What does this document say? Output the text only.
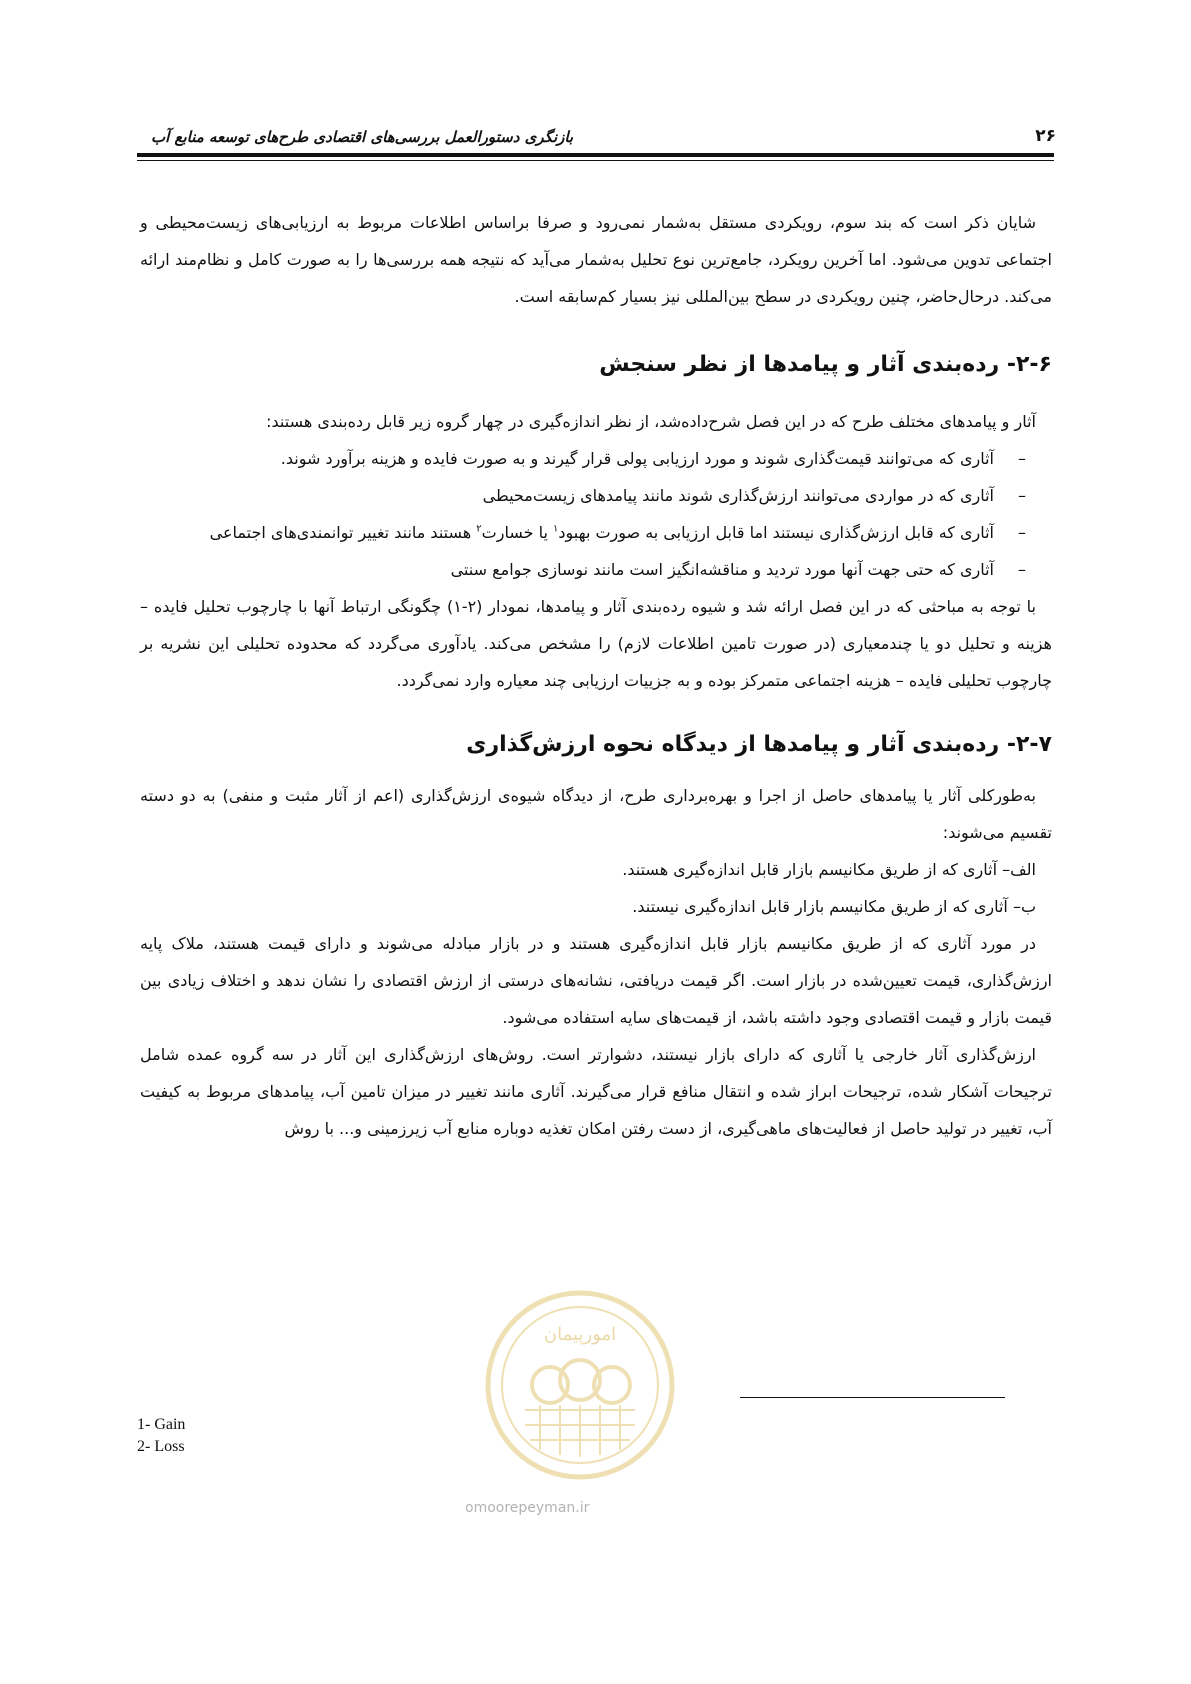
بازنگری دستورالعمل بررسی‌های اقتصادی طرح‌های توسعه منابع آب	۲۶

شایان ذکر است که بند سوم، رویکردی مستقل به‌شمار نمی‌رود و صرفا براساس اطلاعات مربوط به ارزیابی‌های زیست‌محیطی و اجتماعی تدوین می‌شود. اما آخرین رویکرد، جامع‌ترین نوع تحلیل به‌شمار می‌آید که نتیجه همه بررسی‌ها را به صورت کامل و نظام‌مند ارائه می‌کند. درحال‌حاضر، چنین رویکردی در سطح بین‌المللی نیز بسیار کم‌سابقه است.

۲-۶- رده‌بندی آثار و پیامدها از نظر سنجش

آثار و پیامدهای مختلف طرح که در این فصل شرح‌داده‌شد، از نظر اندازه‌گیری در چهار گروه زیر قابل رده‌بندی هستند:

–
آثاری که می‌توانند قیمت‌گذاری شوند و مورد ارزیابی پولی قرار گیرند و به صورت فایده و هزینه برآورد شوند.
–
آثاری که در مواردی می‌توانند ارزش‌گذاری شوند مانند پیامدهای زیست‌محیطی
–
آثاری که قابل ارزش‌گذاری نیستند اما قابل ارزیابی به صورت بهبود$^۱$ یا خسارت$^۲$ هستند مانند تغییر توانمندی‌های اجتماعی
–
آثاری که حتی جهت آنها مورد تردید و مناقشه‌انگیز است مانند نوسازی جوامع سنتی

با توجه به مباحثی که در این فصل ارائه شد و شیوه رده‌بندی آثار و پیامدها، نمودار (۲-۱) چگونگی ارتباط آنها با چارچوب تحلیل فایده – هزینه و تحلیل دو یا چندمعیاری (در صورت تامین اطلاعات لازم) را مشخص می‌کند. یادآوری می‌گردد که محدوده تحلیلی این نشریه بر چارچوب تحلیلی فایده – هزینه اجتماعی متمرکز بوده و به جزییات ارزیابی چند معیاره وارد نمی‌گردد.

۲-۷- رده‌بندی آثار و پیامدها از دیدگاه نحوه ارزش‌گذاری

به‌طورکلی آثار یا پیامدهای حاصل از اجرا و بهره‌برداری طرح، از دیدگاه شیوه‌ی ارزش‌گذاری (اعم از آثار مثبت و منفی) به دو دسته تقسیم می‌شوند:

الف– آثاری که از طریق مکانیسم بازار قابل اندازه‌گیری هستند.

ب– آثاری که از طریق مکانیسم بازار قابل اندازه‌گیری نیستند.

در مورد آثاری که از طریق مکانیسم بازار قابل اندازه‌گیری هستند و در بازار مبادله می‌شوند و دارای قیمت هستند، ملاک پایه ارزش‌گذاری، قیمت تعیین‌شده در بازار است. اگر قیمت دریافتی، نشانه‌های درستی از ارزش اقتصادی را نشان ندهد و اختلاف زیادی بین قیمت بازار و قیمت اقتصادی وجود داشته باشد، از قیمت‌های سایه استفاده می‌شود.

ارزش‌گذاری آثار خارجی یا آثاری که دارای بازار نیستند، دشوارتر است. روش‌های ارزش‌گذاری این آثار در سه گروه عمده شامل ترجیحات آشکار شده، ترجیحات ابراز شده و انتقال منافع قرار می‌گیرند. آثاری مانند تغییر در میزان تامین آب، پیامدهای مربوط به کیفیت آب، تغییر در تولید حاصل از فعالیت‌های ماهی‌گیری، از دست رفتن امکان تغذیه دوباره منابع آب زیرزمینی و... با روش

امورپیمان
omoorepeyman.ir
1- Gain
2- Loss
